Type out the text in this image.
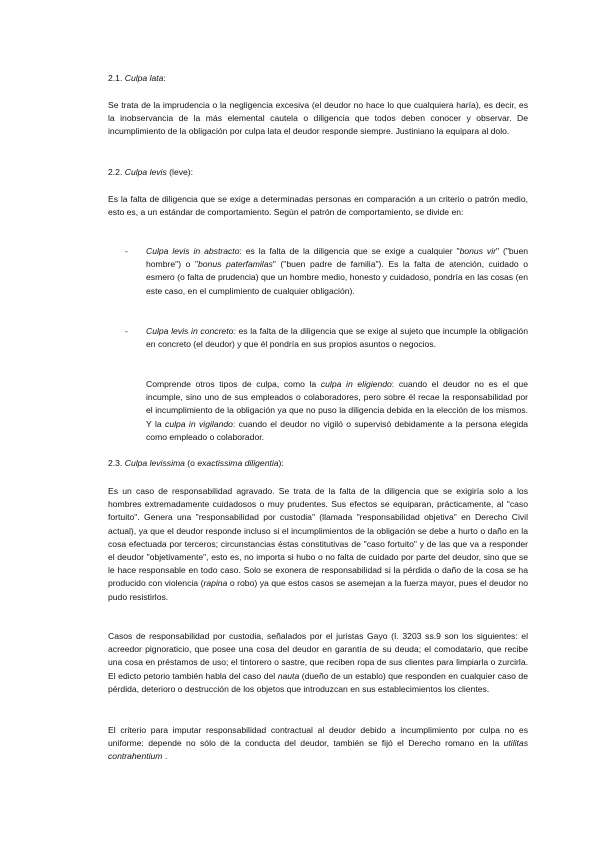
2.1. Culpa lata:

Se trata de la imprudencia o la negligencia excesiva (el deudor no hace lo que cualquiera haría), es decir, es la inobservancia de la más elemental cautela o diligencia que todos deben conocer y observar. De incumplimiento de la obligación por culpa lata el deudor responde siempre. Justiniano la equipara al dolo.

2.2. Culpa levis (leve):

Es la falta de diligencia que se exige a determinadas personas en comparación a un criterio o patrón medio, esto es, a un estándar de comportamiento. Según el patrón de comportamiento, se divide en:

- Culpa levis in abstracto: es la falta de la diligencia que se exige a cualquier "bonus vir" ("buen hombre") o "bonus paterfamilas" ("buen padre de familia"). Es la falta de atención, cuidado o esmero (o falta de prudencia) que un hombre medio, honesto y cuidadoso, pondría en las cosas (en este caso, en el cumplimiento de cualquier obligación).

- Culpa levis in concreto: es la falta de la diligencia que se exige al sujeto que incumple la obligación en concreto (el deudor) y que él pondría en sus propios asuntos o negocios.

Comprende otros tipos de culpa, como la culpa in eligiendo: cuando el deudor no es el que incumple, sino uno de sus empleados o colaboradores, pero sobre él recae la responsabilidad por el incumplimiento de la obligación ya que no puso la diligencia debida en la elección de los mismos. Y la culpa in vigilando: cuando el deudor no vigiló o supervisó debidamente a la persona elegida como empleado o colaborador.

2.3. Culpa levissima (o exactissima diligentia):

Es un caso de responsabilidad agravado. Se trata de la falta de la diligencia que se exigiría solo a los hombres extremadamente cuidadosos o muy prudentes. Sus efectos se equiparan, prácticamente, al "caso fortuito". Genera una "responsabilidad por custodia" (llamada "responsabilidad objetiva" en Derecho Civil actual), ya que el deudor responde incluso si el incumplimientos de la obligación se debe a hurto o daño en la cosa efectuada por terceros; circunstancias éstas constitutivas de "caso fortuito" y de las que va a responder el deudor "objetivamente", esto es, no importa si hubo o no falta de cuidado por parte del deudor, sino que se le hace responsable en todo caso. Solo se exonera de responsabilidad si la pérdida o daño de la cosa se ha producido con violencia (rapina o robo) ya que estos casos se asemejan a la fuerza mayor, pues el deudor no pudo resistirlos.

Casos de responsabilidad por custodia, señalados por el juristas Gayo (I. 3203 ss.9 son los siguientes: el acreedor pignoraticio, que posee una cosa del deudor en garantía de su deuda; el comodatario, que recibe una cosa en préstamos de uso; el tintorero o sastre, que reciben ropa de sus clientes para limpiarla o zurcirla. El edicto petorio también habla del caso del nauta (dueño de un establo) que responden en cualquier caso de pérdida, deterioro o destrucción de los objetos que introduzcan en sus establecimientos los clientes.

El criterio para imputar responsabilidad contractual al deudor debido a incumplimiento por culpa no es uniforme: depende no sólo de la conducta del deudor, también se fijó el Derecho romano en la utilitas contrahentium .
